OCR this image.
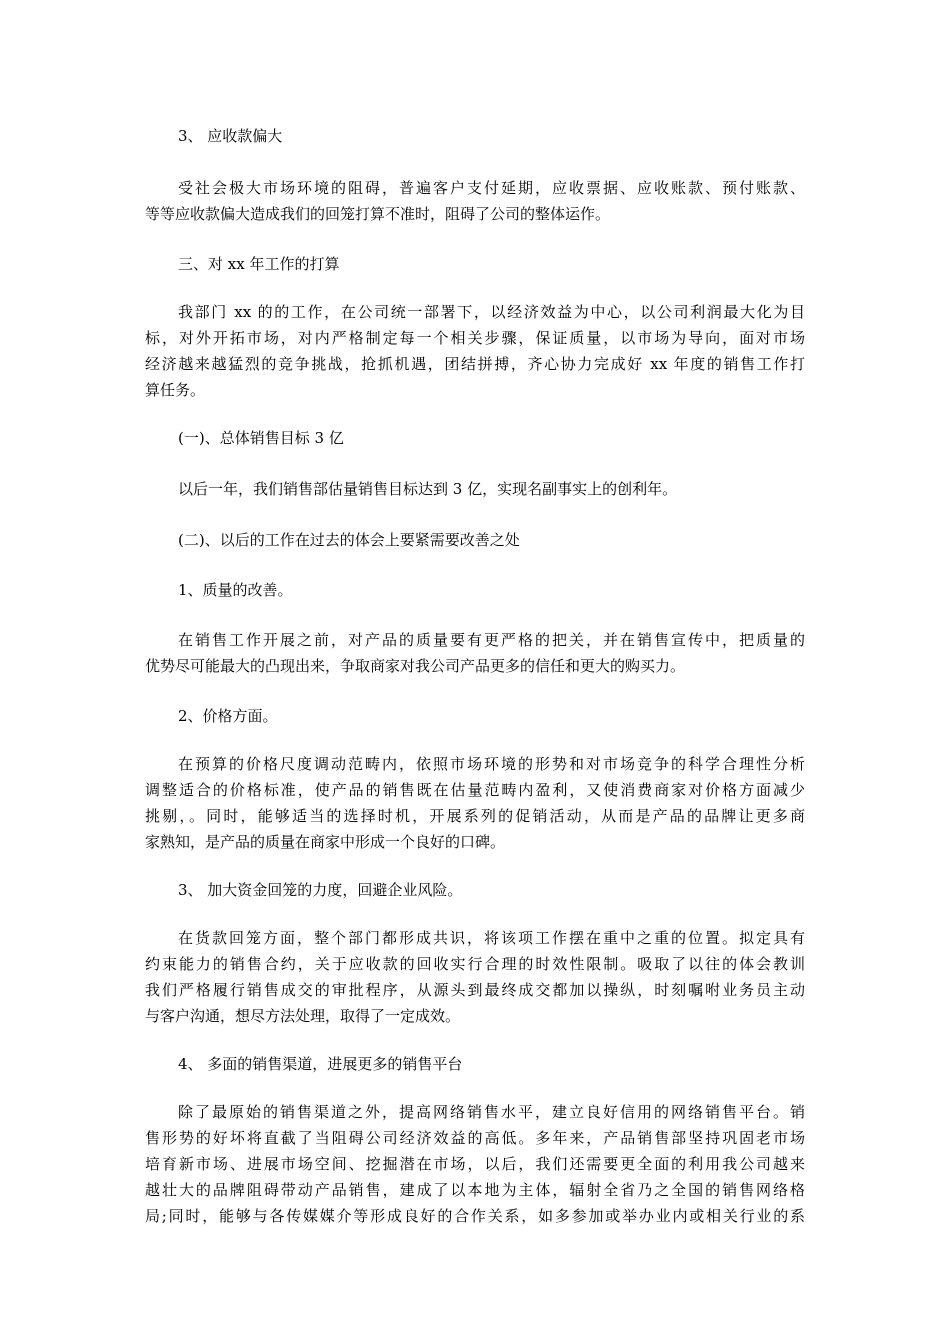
3、 应收款偏大
受社会极大市场环境的阻碍，普遍客户支付延期，应收票据、应收账款、预付账款、
等等应收款偏大造成我们的回笼打算不准时，阻碍了公司的整体运作。
三、对 xx 年工作的打算
我部门 xx 的的工作，在公司统一部署下，以经济效益为中心，以公司利润最大化为目
标，对外开拓市场，对内严格制定每一个相关步骤，保证质量，以市场为导向，面对市场
经济越来越猛烈的竞争挑战，抢抓机遇，团结拼搏，齐心协力完成好 xx 年度的销售工作打
算任务。
(一)、总体销售目标 3 亿
以后一年，我们销售部估量销售目标达到 3 亿，实现名副事实上的创利年。
(二)、以后的工作在过去的体会上要紧需要改善之处
1、质量的改善。
在销售工作开展之前，对产品的质量要有更严格的把关，并在销售宣传中，把质量的
优势尽可能最大的凸现出来，争取商家对我公司产品更多的信任和更大的购买力。
2、价格方面。
在预算的价格尺度调动范畴内，依照市场环境的形势和对市场竞争的科学合理性分析
调整适合的价格标准，使产品的销售既在估量范畴内盈利，又使消费商家对价格方面减少
挑剔，。同时，能够适当的选择时机，开展系列的促销活动，从而是产品的品牌让更多商
家熟知，是产品的质量在商家中形成一个良好的口碑。
3、 加大资金回笼的力度，回避企业风险。
在货款回笼方面，整个部门都形成共识，将该项工作摆在重中之重的位置。拟定具有
约束能力的销售合约，关于应收款的回收实行合理的时效性限制。吸取了以往的体会教训
我们严格履行销售成交的审批程序，从源头到最终成交都加以操纵，时刻嘱咐业务员主动
与客户沟通，想尽方法处理，取得了一定成效。
4、 多面的销售渠道，进展更多的销售平台
除了最原始的销售渠道之外，提高网络销售水平，建立良好信用的网络销售平台。销
售形势的好坏将直截了当阻碍公司经济效益的高低。多年来，产品销售部坚持巩固老市场
培育新市场、进展市场空间、挖掘潜在市场，以后，我们还需要更全面的利用我公司越来
越壮大的品牌阻碍带动产品销售，建成了以本地为主体，辐射全省乃之全国的销售网络格
局;同时，能够与各传媒媒介等形成良好的合作关系，如多参加或举办业内或相关行业的系
